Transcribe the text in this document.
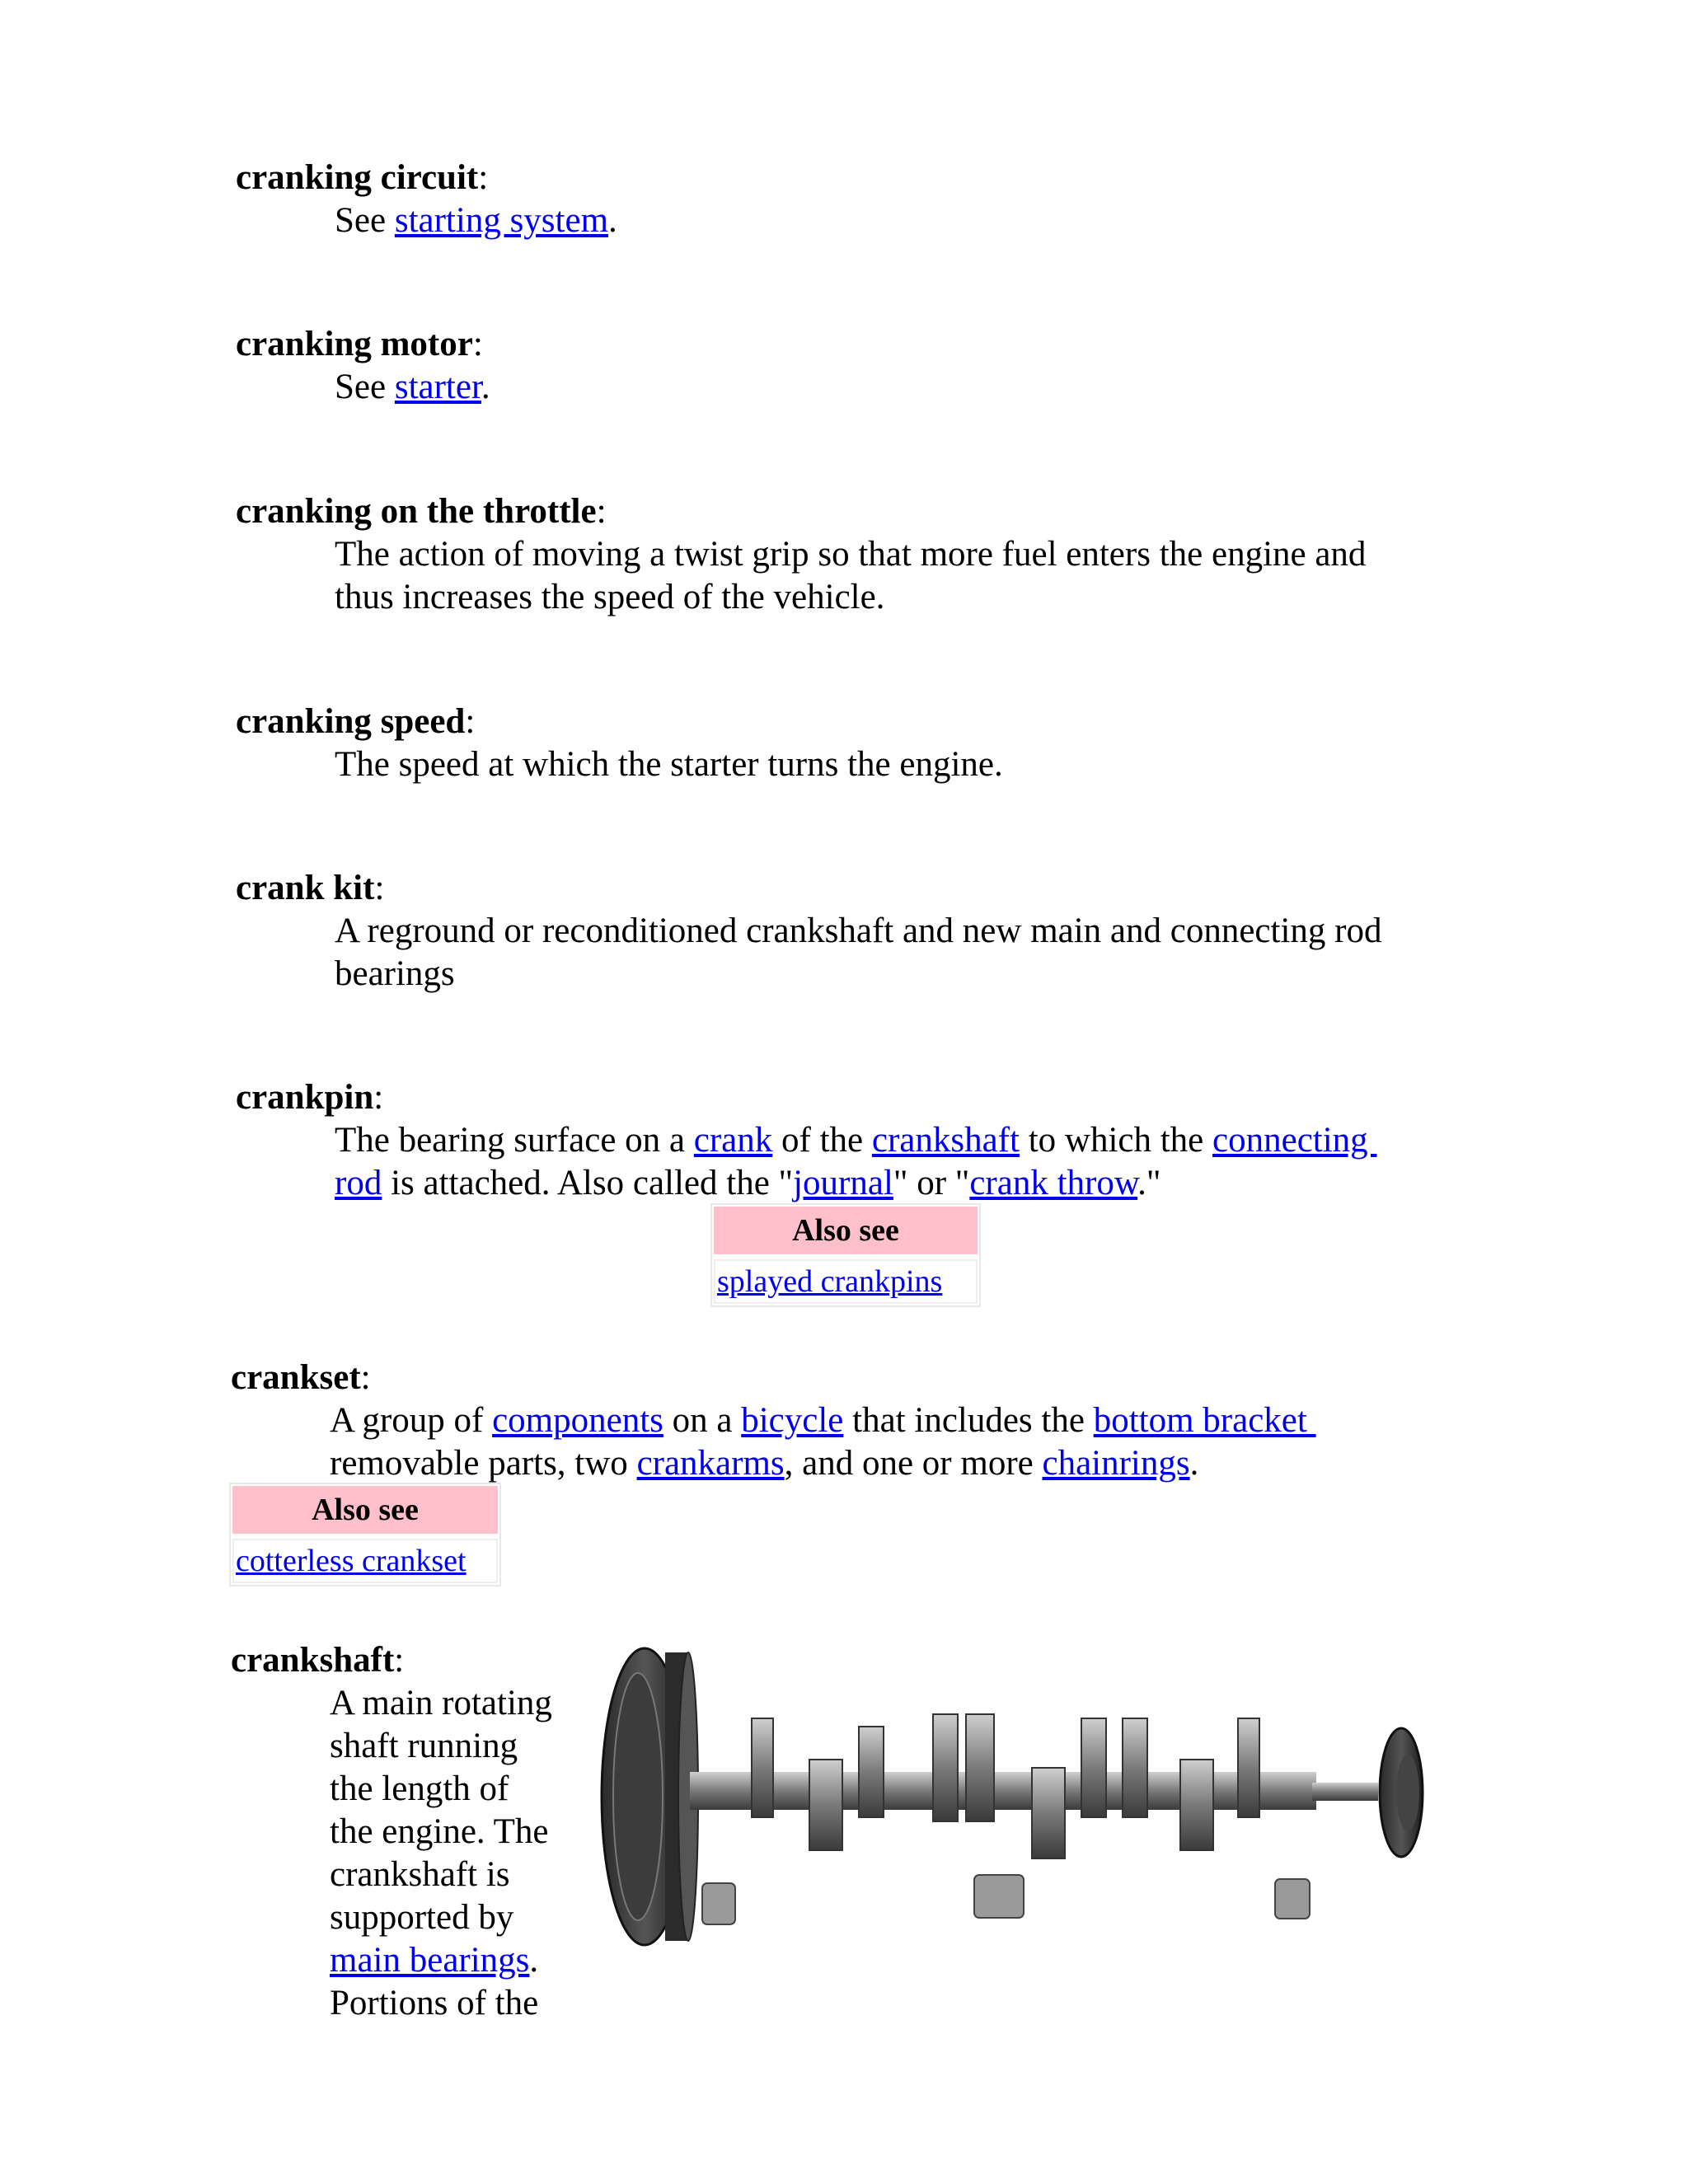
cranking circuit:
See starting system.
cranking motor:
See starter.
cranking on the throttle:
The action of moving a twist grip so that more fuel enters the engine and
thus increases the speed of the vehicle.
cranking speed:
The speed at which the starter turns the engine.
crank kit:
A reground or reconditioned crankshaft and new main and connecting rod
bearings
crankpin:
The bearing surface on a crank of the crankshaft to which the connecting
rod is attached. Also called the "journal" or "crank throw."
Also see
splayed crankpins
crankset:
A group of components on a bicycle that includes the bottom bracket
removable parts, two crankarms, and one or more chainrings.
Also see
cotterless crankset
crankshaft:
A main rotating
shaft running
the length of
the engine. The
crankshaft is
supported by
main bearings.
Portions of the
